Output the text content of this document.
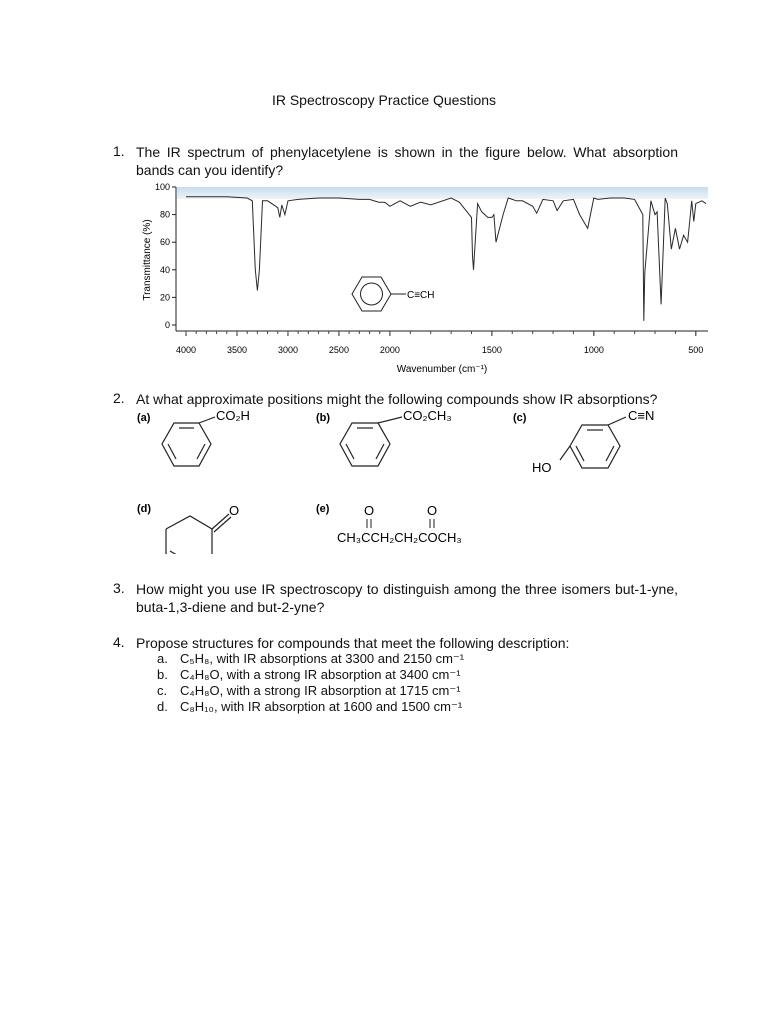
IR Spectroscopy Practice Questions
1. The IR spectrum of phenylacetylene is shown in the figure below. What absorption bands can you identify?
100
80
60
40
20
0
4000	3500	3000	2500	2000	1500	1000	500
Transmittance (%)
Wavenumber (cm⁻¹)
C≡CH
2. At what approximate positions might the following compounds show IR absorptions?
(a)	CO₂H	(b)	CO₂CH₃	(c)	C≡N
HO
(d)	O	(e)	O	O
CH₃CCH₂CH₂COCH₃
3. How might you use IR spectroscopy to distinguish among the three isomers but-1-yne, buta-1,3-diene and but-2-yne?
4. Propose structures for compounds that meet the following description:
a. C₅H₈, with IR absorptions at 3300 and 2150 cm⁻¹
b. C₄H₈O, with a strong IR absorption at 3400 cm⁻¹
c. C₄H₈O, with a strong IR absorption at 1715 cm⁻¹
d. C₈H₁₀, with IR absorption at 1600 and 1500 cm⁻¹
